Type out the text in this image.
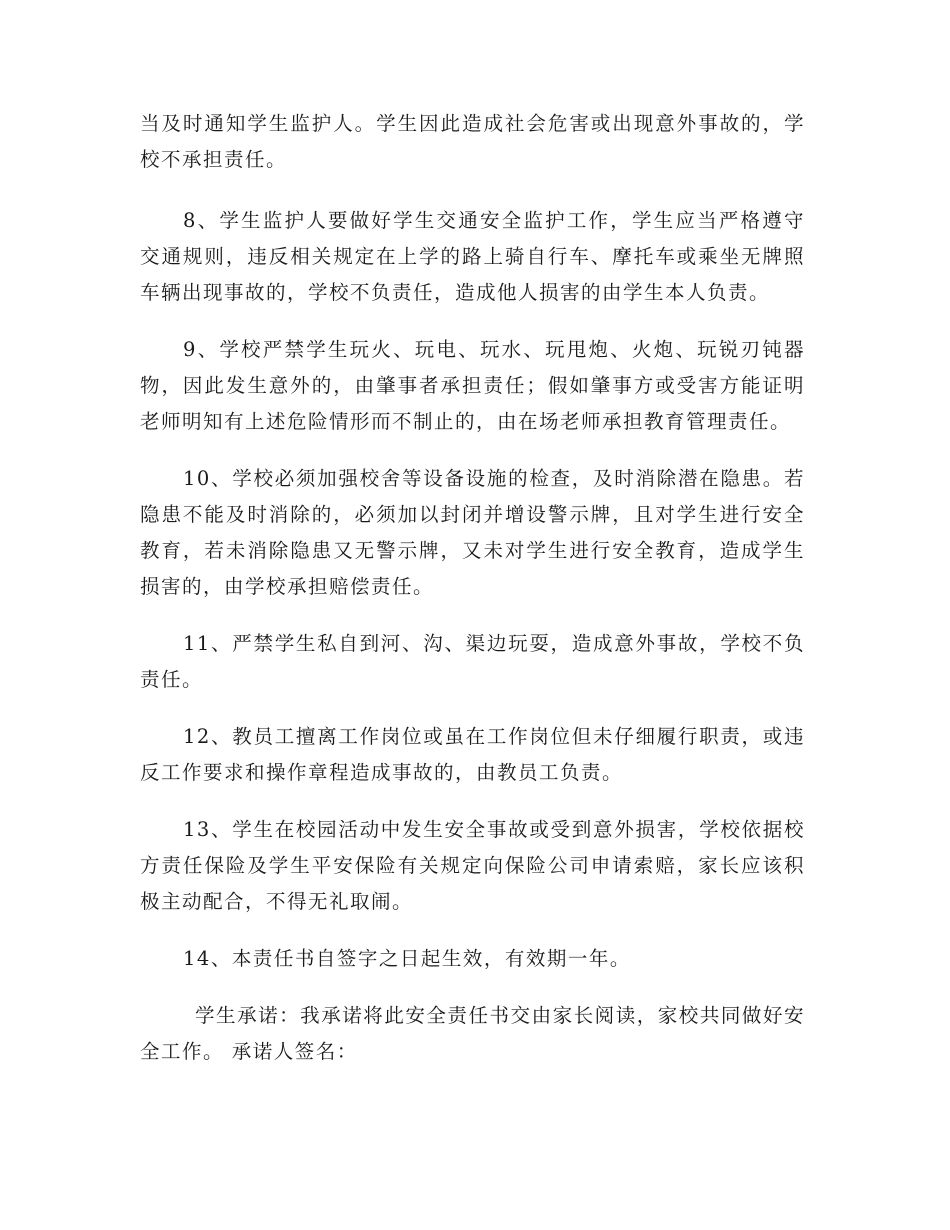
当及时通知学生监护人。学生因此造成社会危害或出现意外事故的，学校不承担责任。

8、学生监护人要做好学生交通安全监护工作，学生应当严格遵守交通规则，违反相关规定在上学的路上骑自行车、摩托车或乘坐无牌照车辆出现事故的，学校不负责任，造成他人损害的由学生本人负责。

9、学校严禁学生玩火、玩电、玩水、玩甩炮、火炮、玩锐刃钝器物，因此发生意外的，由肇事者承担责任；假如肇事方或受害方能证明老师明知有上述危险情形而不制止的，由在场老师承担教育管理责任。

10、学校必须加强校舍等设备设施的检查，及时消除潜在隐患。若隐患不能及时消除的，必须加以封闭并增设警示牌，且对学生进行安全教育，若未消除隐患又无警示牌，又未对学生进行安全教育，造成学生损害的，由学校承担赔偿责任。

11、严禁学生私自到河、沟、渠边玩耍，造成意外事故，学校不负责任。

12、教员工擅离工作岗位或虽在工作岗位但未仔细履行职责，或违反工作要求和操作章程造成事故的，由教员工负责。

13、学生在校园活动中发生安全事故或受到意外损害，学校依据校方责任保险及学生平安保险有关规定向保险公司申请索赔，家长应该积极主动配合，不得无礼取闹。

14、本责任书自签字之日起生效，有效期一年。

学生承诺：我承诺将此安全责任书交由家长阅读，家校共同做好安全工作。 承诺人签名：
